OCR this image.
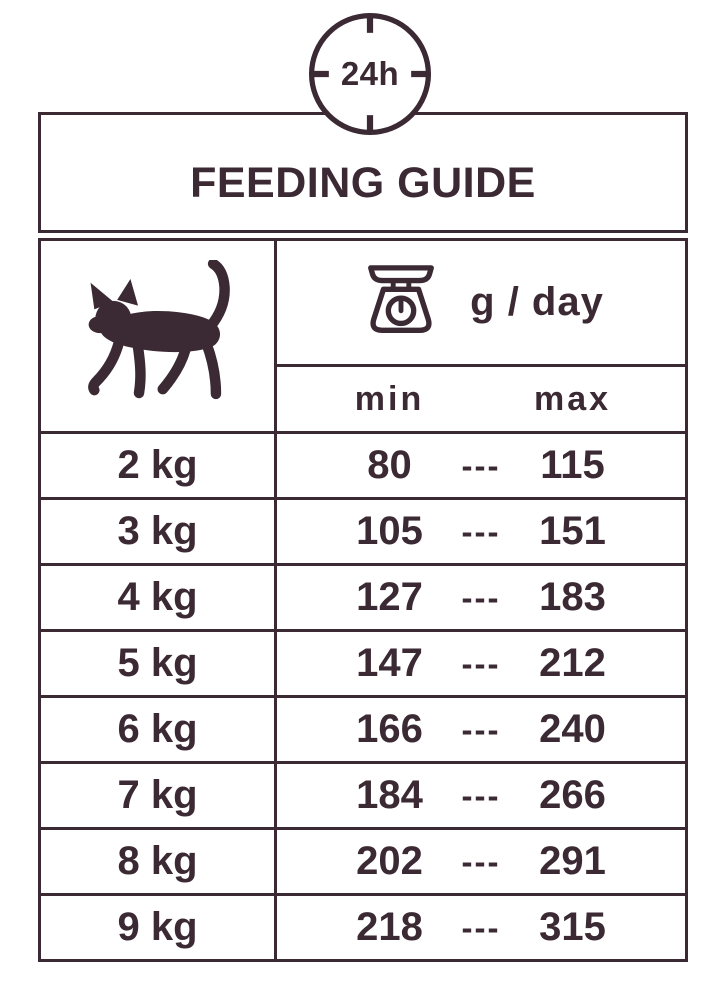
24h
FEEDING GUIDE
g / day
min	max
2 kg	80	--- 115
3 kg	105	--- 151
4 kg	127	--- 183
5 kg	147	--- 212
6 kg	166	--- 240
7 kg	184	--- 266
8 kg	202	--- 291
9 kg	218	--- 315
